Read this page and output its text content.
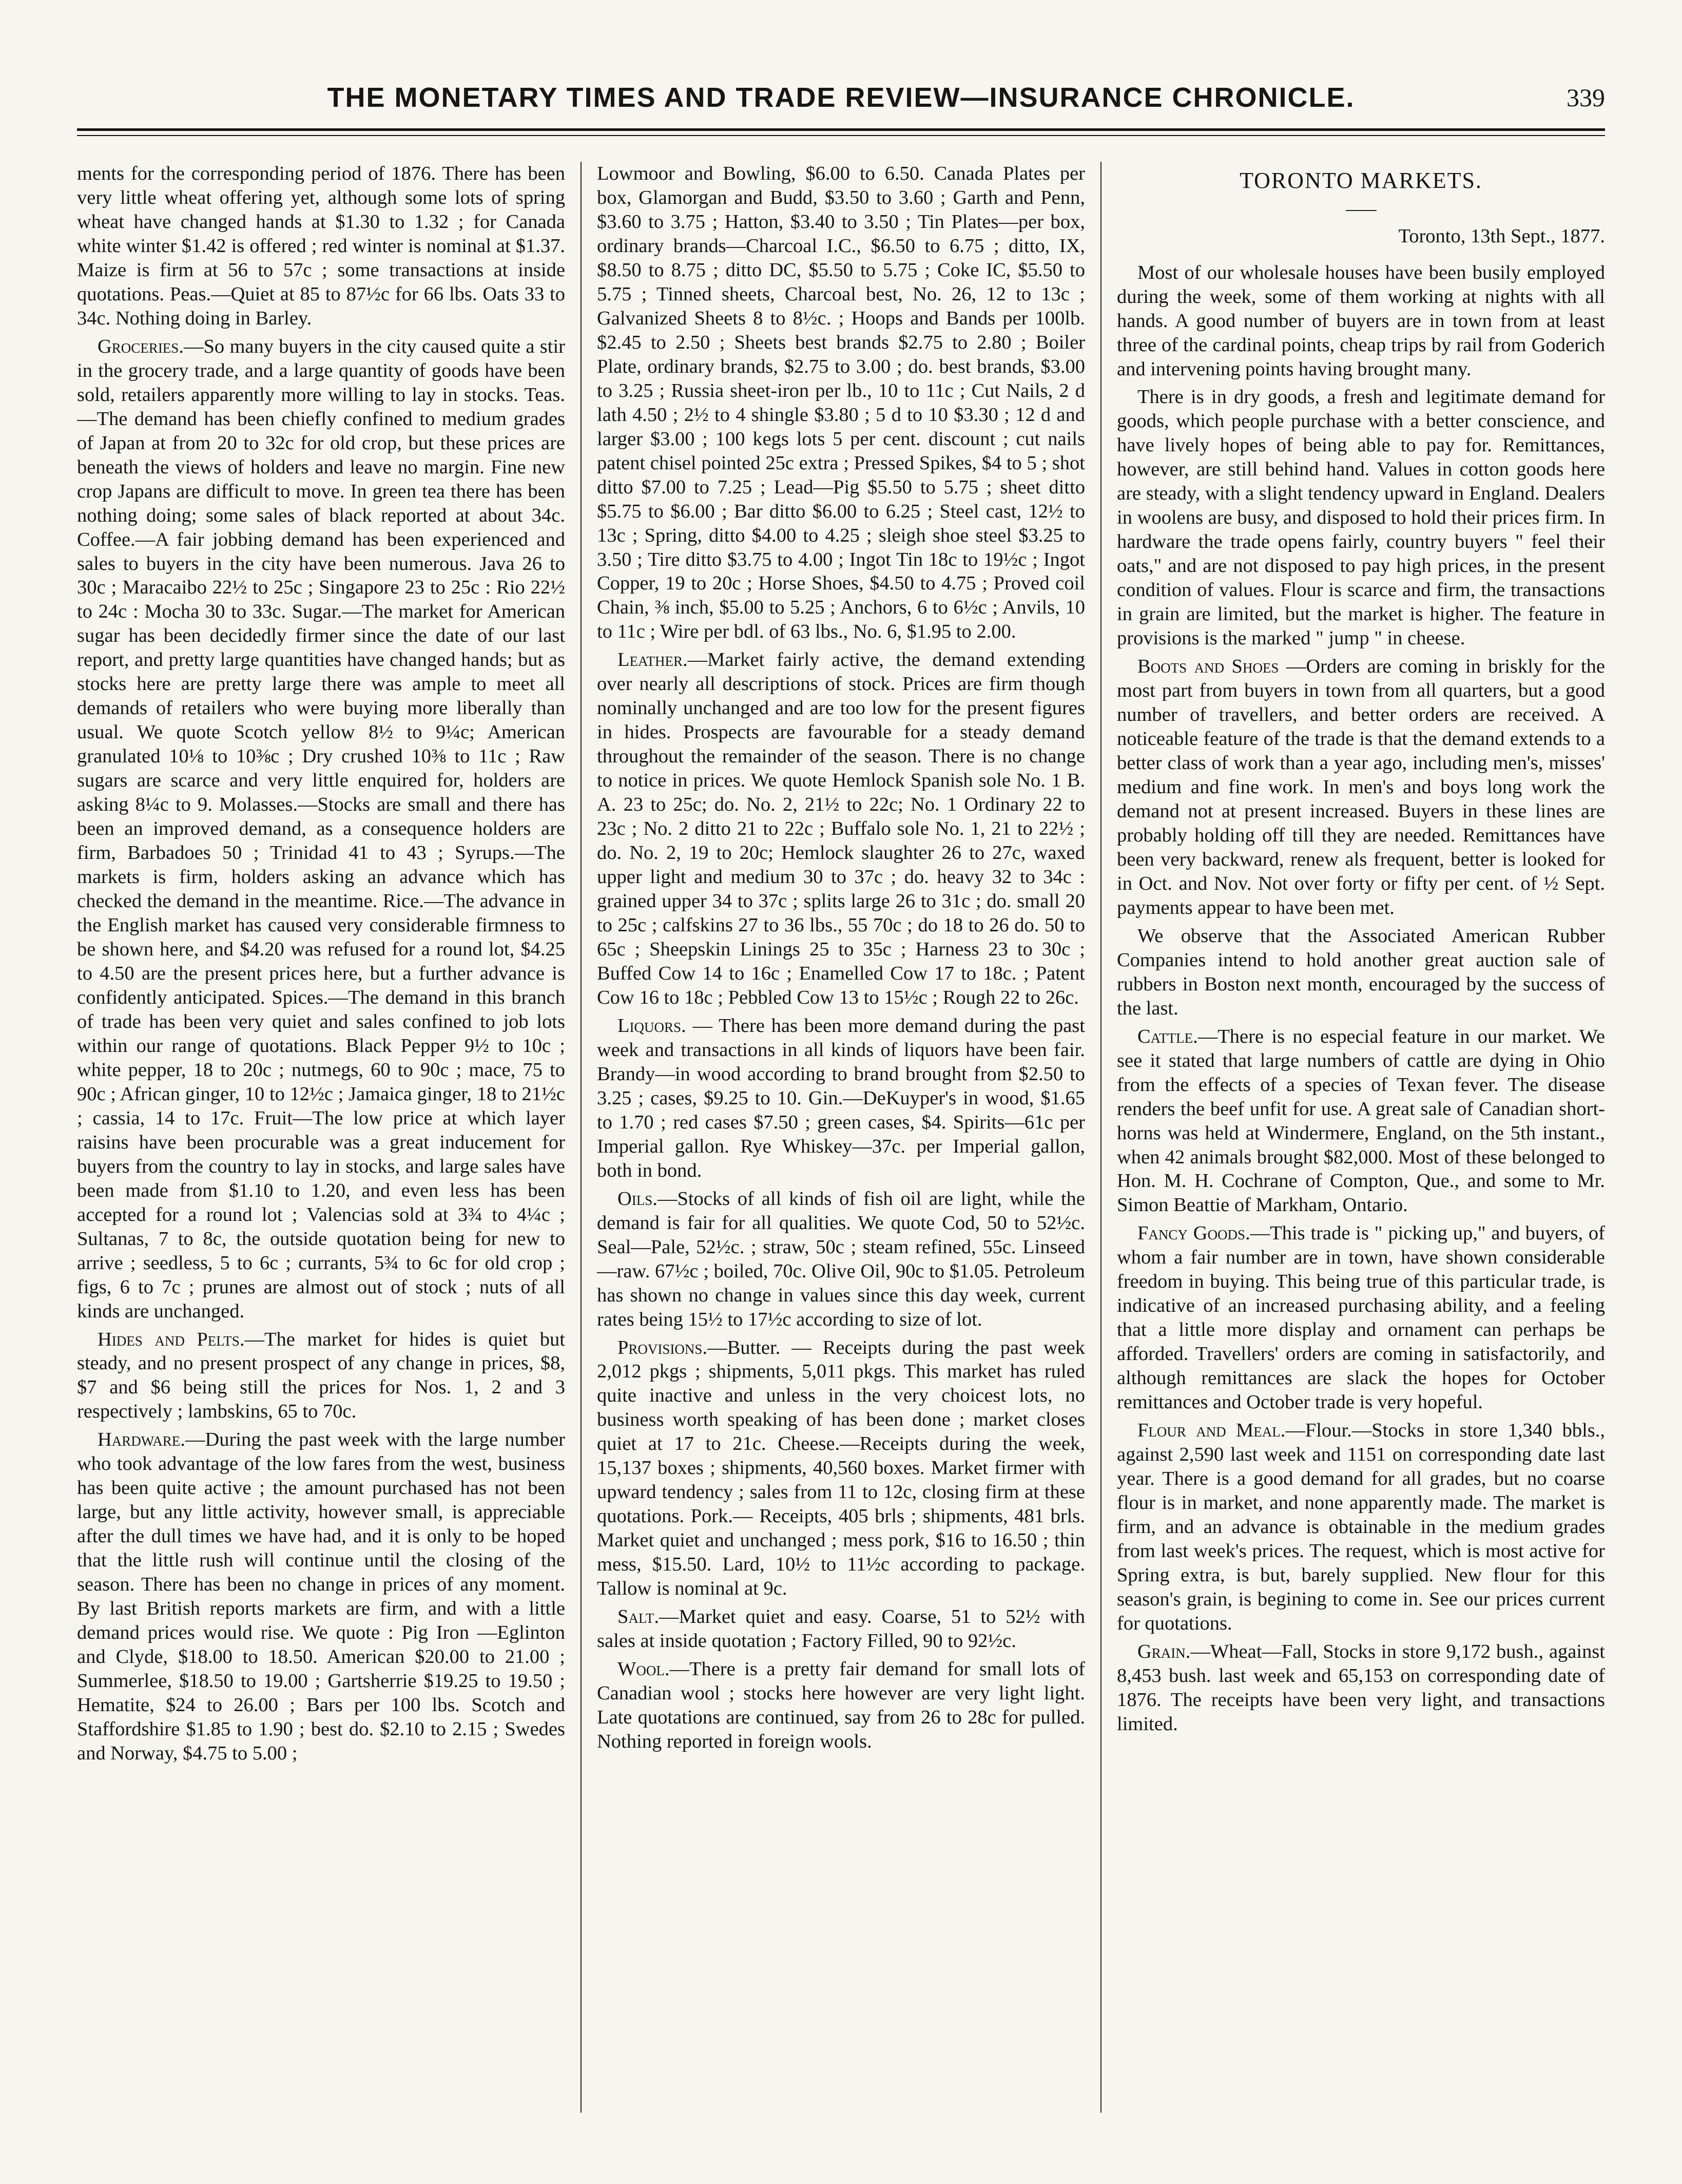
THE MONETARY TIMES AND TRADE REVIEW—INSURANCE CHRONICLE.	339

ments for the corresponding period of 1876. There has been very little wheat offering yet, although some lots of spring wheat have changed hands at $1.30 to 1.32 ; for Canada white winter $1.42 is offered ; red winter is nominal at $1.37. Maize is firm at 56 to 57c ; some transactions at inside quotations. Peas.—Quiet at 85 to 87½c for 66 lbs. Oats 33 to 34c. Nothing doing in Barley.

Groceries.—So many buyers in the city caused quite a stir in the grocery trade, and a large quantity of goods have been sold, retailers apparently more willing to lay in stocks. Teas.—The demand has been chiefly confined to medium grades of Japan at from 20 to 32c for old crop, but these prices are beneath the views of holders and leave no margin. Fine new crop Japans are difficult to move. In green tea there has been nothing doing; some sales of black reported at about 34c. Coffee.—A fair jobbing demand has been experienced and sales to buyers in the city have been numerous. Java 26 to 30c ; Maracaibo 22½ to 25c ; Singapore 23 to 25c : Rio 22½ to 24c : Mocha 30 to 33c. Sugar.—The market for American sugar has been decidedly firmer since the date of our last report, and pretty large quantities have changed hands; but as stocks here are pretty large there was ample to meet all demands of retailers who were buying more liberally than usual. We quote Scotch yellow 8½ to 9¼c; American granulated 10⅛ to 10⅜c ; Dry crushed 10⅜ to 11c ; Raw sugars are scarce and very little enquired for, holders are asking 8¼c to 9. Molasses.—Stocks are small and there has been an improved demand, as a consequence holders are firm, Barbadoes 50 ; Trinidad 41 to 43 ; Syrups.—The markets is firm, holders asking an advance which has checked the demand in the meantime. Rice.—The advance in the English market has caused very considerable firmness to be shown here, and $4.20 was refused for a round lot, $4.25 to 4.50 are the present prices here, but a further advance is confidently anticipated. Spices.—The demand in this branch of trade has been very quiet and sales confined to job lots within our range of quotations. Black Pepper 9½ to 10c ; white pepper, 18 to 20c ; nutmegs, 60 to 90c ; mace, 75 to 90c ; African ginger, 10 to 12½c ; Jamaica ginger, 18 to 21½c ; cassia, 14 to 17c. Fruit—The low price at which layer raisins have been procurable was a great inducement for buyers from the country to lay in stocks, and large sales have been made from $1.10 to 1.20, and even less has been accepted for a round lot ; Valencias sold at 3¾ to 4¼c ; Sultanas, 7 to 8c, the outside quotation being for new to arrive ; seedless, 5 to 6c ; currants, 5¾ to 6c for old crop ; figs, 6 to 7c ; prunes are almost out of stock ; nuts of all kinds are unchanged.

Hides and Pelts.—The market for hides is quiet but steady, and no present prospect of any change in prices, $8, $7 and $6 being still the prices for Nos. 1, 2 and 3 respectively ; lambskins, 65 to 70c.

Hardware.—During the past week with the large number who took advantage of the low fares from the west, business has been quite active ; the amount purchased has not been large, but any little activity, however small, is appreciable after the dull times we have had, and it is only to be hoped that the little rush will continue until the closing of the season. There has been no change in prices of any moment. By last British reports markets are firm, and with a little demand prices would rise. We quote : Pig Iron —Eglinton and Clyde, $18.00 to 18.50. American $20.00 to 21.00 ; Summerlee, $18.50 to 19.00 ; Gartsherrie $19.25 to 19.50 ; Hematite, $24 to 26.00 ; Bars per 100 lbs. Scotch and Staffordshire $1.85 to 1.90 ; best do. $2.10 to 2.15 ; Swedes and Norway, $4.75 to 5.00 ;

Lowmoor and Bowling, $6.00 to 6.50. Canada Plates per box, Glamorgan and Budd, $3.50 to 3.60 ; Garth and Penn, $3.60 to 3.75 ; Hatton, $3.40 to 3.50 ; Tin Plates—per box, ordinary brands—Charcoal I.C., $6.50 to 6.75 ; ditto, IX, $8.50 to 8.75 ; ditto DC, $5.50 to 5.75 ; Coke IC, $5.50 to 5.75 ; Tinned sheets, Charcoal best, No. 26, 12 to 13c ; Galvanized Sheets 8 to 8½c. ; Hoops and Bands per 100lb. $2.45 to 2.50 ; Sheets best brands $2.75 to 2.80 ; Boiler Plate, ordinary brands, $2.75 to 3.00 ; do. best brands, $3.00 to 3.25 ; Russia sheet-iron per lb., 10 to 11c ; Cut Nails, 2 d lath 4.50 ; 2½ to 4 shingle $3.80 ; 5 d to 10 $3.30 ; 12 d and larger $3.00 ; 100 kegs lots 5 per cent. discount ; cut nails patent chisel pointed 25c extra ; Pressed Spikes, $4 to 5 ; shot ditto $7.00 to 7.25 ; Lead—Pig $5.50 to 5.75 ; sheet ditto $5.75 to $6.00 ; Bar ditto $6.00 to 6.25 ; Steel cast, 12½ to 13c ; Spring, ditto $4.00 to 4.25 ; sleigh shoe steel $3.25 to 3.50 ; Tire ditto $3.75 to 4.00 ; Ingot Tin 18c to 19½c ; Ingot Copper, 19 to 20c ; Horse Shoes, $4.50 to 4.75 ; Proved coil Chain, ⅜ inch, $5.00 to 5.25 ; Anchors, 6 to 6½c ; Anvils, 10 to 11c ; Wire per bdl. of 63 lbs., No. 6, $1.95 to 2.00.

Leather.—Market fairly active, the demand extending over nearly all descriptions of stock. Prices are firm though nominally unchanged and are too low for the present figures in hides. Prospects are favourable for a steady demand throughout the remainder of the season. There is no change to notice in prices. We quote Hemlock Spanish sole No. 1 B. A. 23 to 25c; do. No. 2, 21½ to 22c; No. 1 Ordinary 22 to 23c ; No. 2 ditto 21 to 22c ; Buffalo sole No. 1, 21 to 22½ ; do. No. 2, 19 to 20c; Hemlock slaughter 26 to 27c, waxed upper light and medium 30 to 37c ; do. heavy 32 to 34c : grained upper 34 to 37c ; splits large 26 to 31c ; do. small 20 to 25c ; calfskins 27 to 36 lbs., 55 70c ; do 18 to 26 do. 50 to 65c ; Sheepskin Linings 25 to 35c ; Harness 23 to 30c ; Buffed Cow 14 to 16c ; Enamelled Cow 17 to 18c. ; Patent Cow 16 to 18c ; Pebbled Cow 13 to 15½c ; Rough 22 to 26c.

Liquors. — There has been more demand during the past week and transactions in all kinds of liquors have been fair. Brandy—in wood according to brand brought from $2.50 to 3.25 ; cases, $9.25 to 10. Gin.—DeKuyper's in wood, $1.65 to 1.70 ; red cases $7.50 ; green cases, $4. Spirits—61c per Imperial gallon. Rye Whiskey—37c. per Imperial gallon, both in bond.

Oils.—Stocks of all kinds of fish oil are light, while the demand is fair for all qualities. We quote Cod, 50 to 52½c. Seal—Pale, 52½c. ; straw, 50c ; steam refined, 55c. Linseed—raw. 67½c ; boiled, 70c. Olive Oil, 90c to $1.05. Petroleum has shown no change in values since this day week, current rates being 15½ to 17½c according to size of lot.

Provisions.—Butter. — Receipts during the past week 2,012 pkgs ; shipments, 5,011 pkgs. This market has ruled quite inactive and unless in the very choicest lots, no business worth speaking of has been done ; market closes quiet at 17 to 21c. Cheese.—Receipts during the week, 15,137 boxes ; shipments, 40,560 boxes. Market firmer with upward tendency ; sales from 11 to 12c, closing firm at these quotations. Pork.— Receipts, 405 brls ; shipments, 481 brls. Market quiet and unchanged ; mess pork, $16 to 16.50 ; thin mess, $15.50. Lard, 10½ to 11½c according to package. Tallow is nominal at 9c.

Salt.—Market quiet and easy. Coarse, 51 to 52½ with sales at inside quotation ; Factory Filled, 90 to 92½c.

Wool.—There is a pretty fair demand for small lots of Canadian wool ; stocks here however are very light light. Late quotations are continued, say from 26 to 28c for pulled. Nothing reported in foreign wools.

TORONTO MARKETS.
Toronto, 13th Sept., 1877.

Most of our wholesale houses have been busily employed during the week, some of them working at nights with all hands. A good number of buyers are in town from at least three of the cardinal points, cheap trips by rail from Goderich and intervening points having brought many.

There is in dry goods, a fresh and legitimate demand for goods, which people purchase with a better conscience, and have lively hopes of being able to pay for. Remittances, however, are still behind hand. Values in cotton goods here are steady, with a slight tendency upward in England. Dealers in woolens are busy, and disposed to hold their prices firm. In hardware the trade opens fairly, country buyers " feel their oats," and are not disposed to pay high prices, in the present condition of values. Flour is scarce and firm, the transactions in grain are limited, but the market is higher. The feature in provisions is the marked " jump " in cheese.

Boots and Shoes —Orders are coming in briskly for the most part from buyers in town from all quarters, but a good number of travellers, and better orders are received. A noticeable feature of the trade is that the demand extends to a better class of work than a year ago, including men's, misses' medium and fine work. In men's and boys long work the demand not at present increased. Buyers in these lines are probably holding off till they are needed. Remittances have been very backward, renew als frequent, better is looked for in Oct. and Nov. Not over forty or fifty per cent. of ½ Sept. payments appear to have been met.

We observe that the Associated American Rubber Companies intend to hold another great auction sale of rubbers in Boston next month, encouraged by the success of the last.

Cattle.—There is no especial feature in our market. We see it stated that large numbers of cattle are dying in Ohio from the effects of a species of Texan fever. The disease renders the beef unfit for use. A great sale of Canadian short-horns was held at Windermere, England, on the 5th instant., when 42 animals brought $82,000. Most of these belonged to Hon. M. H. Cochrane of Compton, Que., and some to Mr. Simon Beattie of Markham, Ontario.

Fancy Goods.—This trade is " picking up," and buyers, of whom a fair number are in town, have shown considerable freedom in buying. This being true of this particular trade, is indicative of an increased purchasing ability, and a feeling that a little more display and ornament can perhaps be afforded. Travellers' orders are coming in satisfactorily, and although remittances are slack the hopes for October remittances and October trade is very hopeful.

Flour and Meal.—Flour.—Stocks in store 1,340 bbls., against 2,590 last week and 1151 on corresponding date last year. There is a good demand for all grades, but no coarse flour is in market, and none apparently made. The market is firm, and an advance is obtainable in the medium grades from last week's prices. The request, which is most active for Spring extra, is but, barely supplied. New flour for this season's grain, is begining to come in. See our prices current for quotations.

Grain.—Wheat—Fall, Stocks in store 9,172 bush., against 8,453 bush. last week and 65,153 on corresponding date of 1876. The receipts have been very light, and transactions limited.
